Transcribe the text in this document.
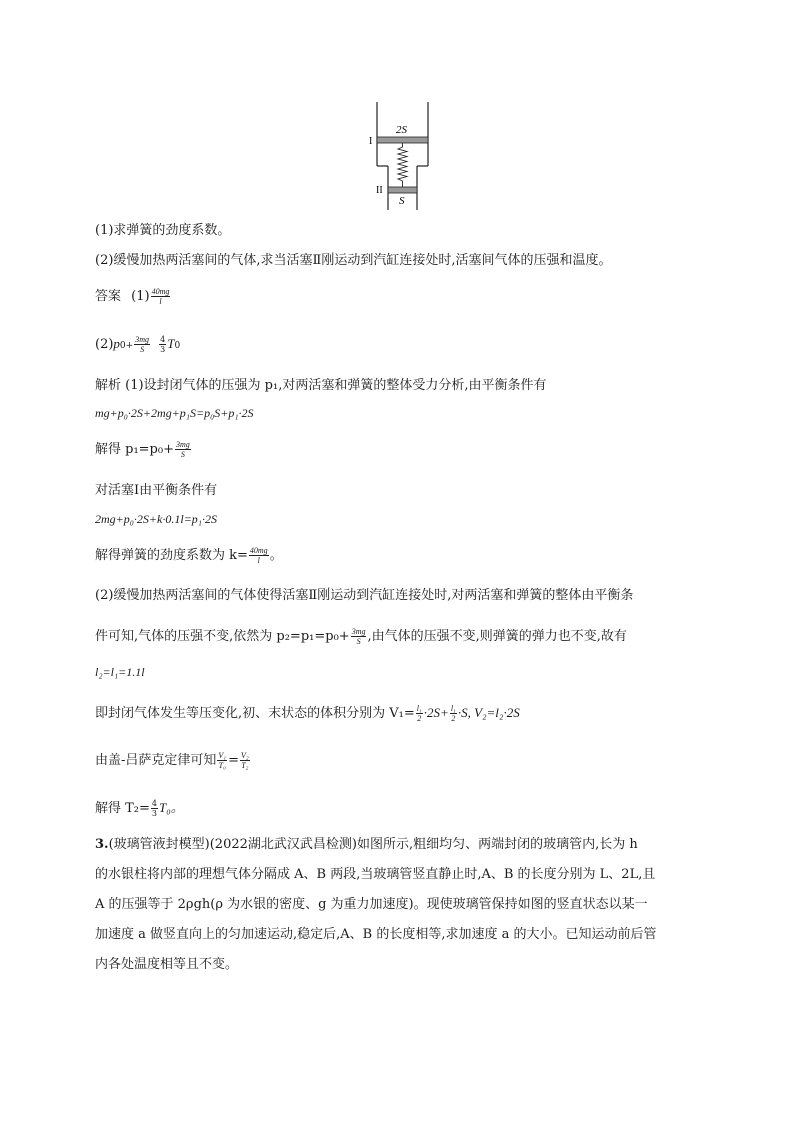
2S
S
I
II
(1)求弹簧的劲度系数。
(2)缓慢加热两活塞间的气体,求当活塞Ⅱ刚运动到汽缸连接处时,活塞间气体的压强和温度。
答案 $(1) \frac{40mg}{l}$
$(2)p0+ \frac{3mg}{S}$
$\frac{4}{3} T0$
解析 (1)设封闭气体的压强为 p₁,对两活塞和弹簧的整体受力分析,由平衡条件有
mg+p₀·2S+2mg+p₁S=p₀S+p₁·2S
解得 $p_1=p_0+ \frac{3mg}{S}$
对活塞Ⅰ由平衡条件有
2mg+p₀·2S+k·0.1l=p₁·2S
解得弹簧的劲度系数为 $k= \frac{40mg}{l}$ 。
(2)缓慢加热两活塞间的气体使得活塞Ⅱ刚运动到汽缸连接处时,对两活塞和弹簧的整体由平衡条
件可知,气体的压强不变,依然为 $p_2=p_1=p_0+ \frac{3mg}{S}$ ,由气体的压强不变,则弹簧的弹力也不变,故有
l₂=l₁=1.1l
即封闭气体发生等压变化,初、末状态的体积分别为 $V_1= \frac{\text{l₁}}{2} \cdot 2S+ \frac{\text{l₁}}{2} \cdot S$, V₂=l₂·2S
由盖-吕萨克定律可知 $\frac{\text{V₁}}{\text{T₀}} = \frac{\text{V₂}}{\text{T₂}}$
解得 $T_2= \frac{4}{3} T_0$。
3.(玻璃管液封模型)(2022湖北武汉武昌检测)如图所示,粗细均匀、两端封闭的玻璃管内,长为 h
的水银柱将内部的理想气体分隔成 A、B 两段,当玻璃管竖直静止时,A、B 的长度分别为 L、2L,且
A 的压强等于 2ρgh(ρ 为水银的密度、g 为重力加速度)。现使玻璃管保持如图的竖直状态以某一
加速度 a 做竖直向上的匀加速运动,稳定后,A、B 的长度相等,求加速度 a 的大小。已知运动前后管
内各处温度相等且不变。
